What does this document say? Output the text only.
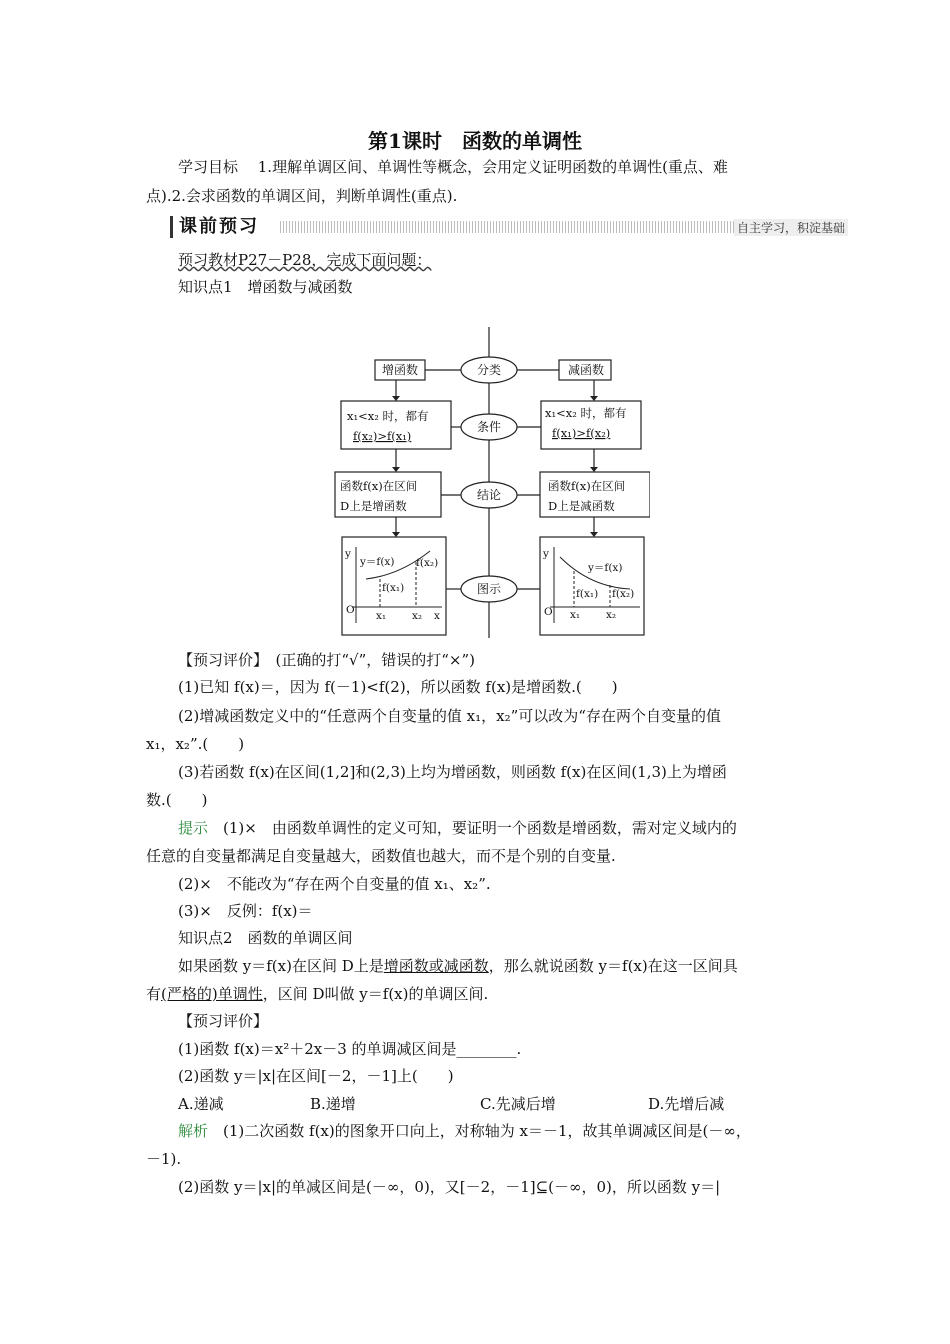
第1课时　函数的单调性
学习目标　 1.理解单调区间、单调性等概念，会用定义证明函数的单调性(重点、难
点).2.会求函数的单调区间，判断单调性(重点).
课前预习	自主学习，积淀基础
预习教材P27－P28，完成下面问题：
知识点1　增函数与减函数
分类
条件
结论
图示
增函数	减函数
x₁<x₂ 时，都有
f(x₂)>f(x₁)
x₁<x₂ 时，都有
f(x₁)>f(x₂)
函数f(x)在区间
D上是增函数
函数f(x)在区间
D上是减函数
y
y＝f(x) f(x₂)
f(x₁)
O x₁ x₂ x
y
y＝f(x)
f(x₁) f(x₂)
O x₁ x₂
【预习评价】　(正确的打“√”，错误的打“×”)
(1)已知 f(x)＝，因为 f(－1)<f(2)，所以函数 f(x)是增函数.(　　)
(2)增减函数定义中的“任意两个自变量的值 x₁，x₂”可以改为“存在两个自变量的值
x₁，x₂”.(　　)
(3)若函数 f(x)在区间(1,2]和(2,3)上均为增函数，则函数 f(x)在区间(1,3)上为增函
数.(　　)
提示　(1)×　由函数单调性的定义可知，要证明一个函数是增函数，需对定义域内的
任意的自变量都满足自变量越大，函数值也越大，而不是个别的自变量.
(2)×　不能改为“存在两个自变量的值 x₁、x₂”.
(3)×　反例：f(x)＝
知识点2　函数的单调区间
如果函数 y＝f(x)在区间 D上是增函数或减函数，那么就说函数 y＝f(x)在这一区间具
有(严格的)单调性，区间 D叫做 y＝f(x)的单调区间.
【预习评价】
(1)函数 f(x)＝x²＋2x－3 的单调减区间是________.
(2)函数 y＝|x|在区间[－2，－1]上(　　)
A.递减	B.递增	C.先减后增	D.先增后减
解析　(1)二次函数 f(x)的图象开口向上，对称轴为 x＝－1，故其单调减区间是(－∞，
－1).
(2)函数 y＝|x|的单减区间是(－∞，0)，又[－2，－1]⊆(－∞，0)，所以函数 y＝|
